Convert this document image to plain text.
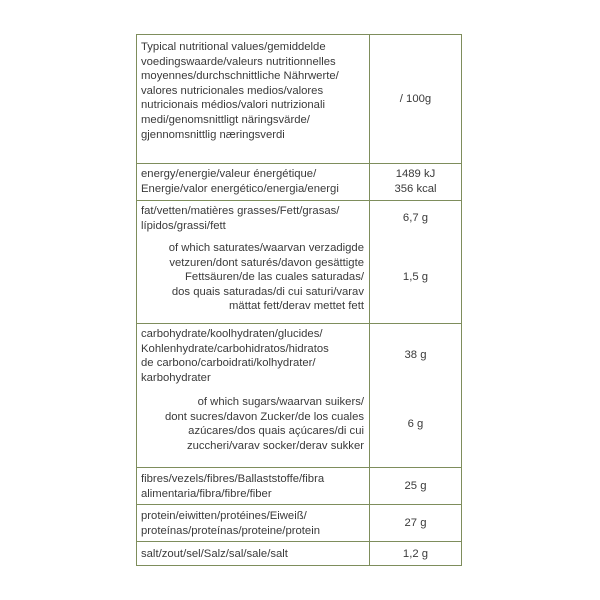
Typical nutritional values/gemiddelde
voedingswaarde/valeurs nutritionnelles
moyennes/durchschnittliche Nährwerte/
valores nutricionales medios/valores
nutricionais médios/valori nutrizionali
medi/genomsnittligt näringsvärde/
gjennomsnittlig næringsverdi
/ 100g
energy/energie/valeur énergétique/
Energie/valor energético/energia/energi
1489 kJ
356 kcal
fat/vetten/matières grasses/Fett/grasas/
lípidos/grassi/fett
6,7 g
of which saturates/waarvan verzadigde
vetzuren/dont saturés/davon gesättigte
Fettsäuren/de las cuales saturadas/
dos quais saturadas/di cui saturi/varav
mättat fett/derav mettet fett
1,5 g
carbohydrate/koolhydraten/glucides/
Kohlenhydrate/carbohidratos/hidratos
de carbono/carboidrati/kolhydrater/
karbohydrater
38 g
of which sugars/waarvan suikers/
dont sucres/davon Zucker/de los cuales
azúcares/dos quais açúcares/di cui
zuccheri/varav socker/derav sukker
6 g
fibres/vezels/fibres/Ballaststoffe/fibra
alimentaria/fibra/fibre/fiber
25 g
protein/eiwitten/protéines/Eiweiß/
proteínas/proteínas/proteine/protein
27 g
salt/zout/sel/Salz/sal/sale/salt	1,2 g
